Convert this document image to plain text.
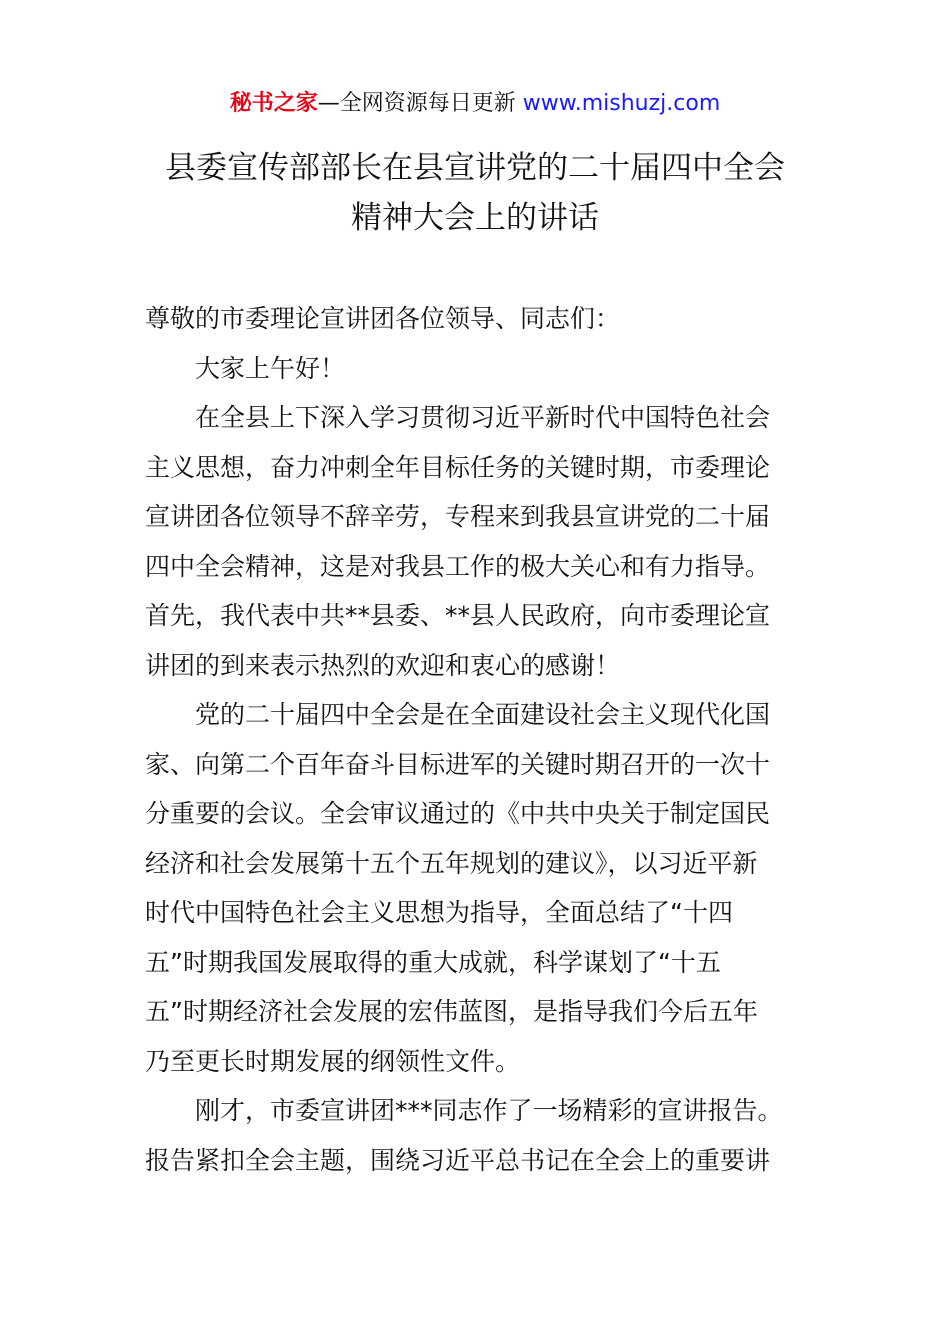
秘书之家—全网资源每日更新 www.mishuzj.com
县委宣传部部长在县宣讲党的二十届四中全会
精神大会上的讲话

尊敬的市委理论宣讲团各位领导、同志们：

大家上午好！

在全县上下深入学习贯彻习近平新时代中国特色社会
主义思想，奋力冲刺全年目标任务的关键时期，市委理论
宣讲团各位领导不辞辛劳，专程来到我县宣讲党的二十届
四中全会精神，这是对我县工作的极大关心和有力指导。
首先，我代表中共**县委、**县人民政府，向市委理论宣
讲团的到来表示热烈的欢迎和衷心的感谢！

党的二十届四中全会是在全面建设社会主义现代化国
家、向第二个百年奋斗目标进军的关键时期召开的一次十
分重要的会议。全会审议通过的《中共中央关于制定国民
经济和社会发展第十五个五年规划的建议》，以习近平新
时代中国特色社会主义思想为指导，全面总结了“十四
五”时期我国发展取得的重大成就，科学谋划了“十五
五”时期经济社会发展的宏伟蓝图，是指导我们今后五年
乃至更长时期发展的纲领性文件。

刚才，市委宣讲团***同志作了一场精彩的宣讲报告。
报告紧扣全会主题，围绕习近平总书记在全会上的重要讲
